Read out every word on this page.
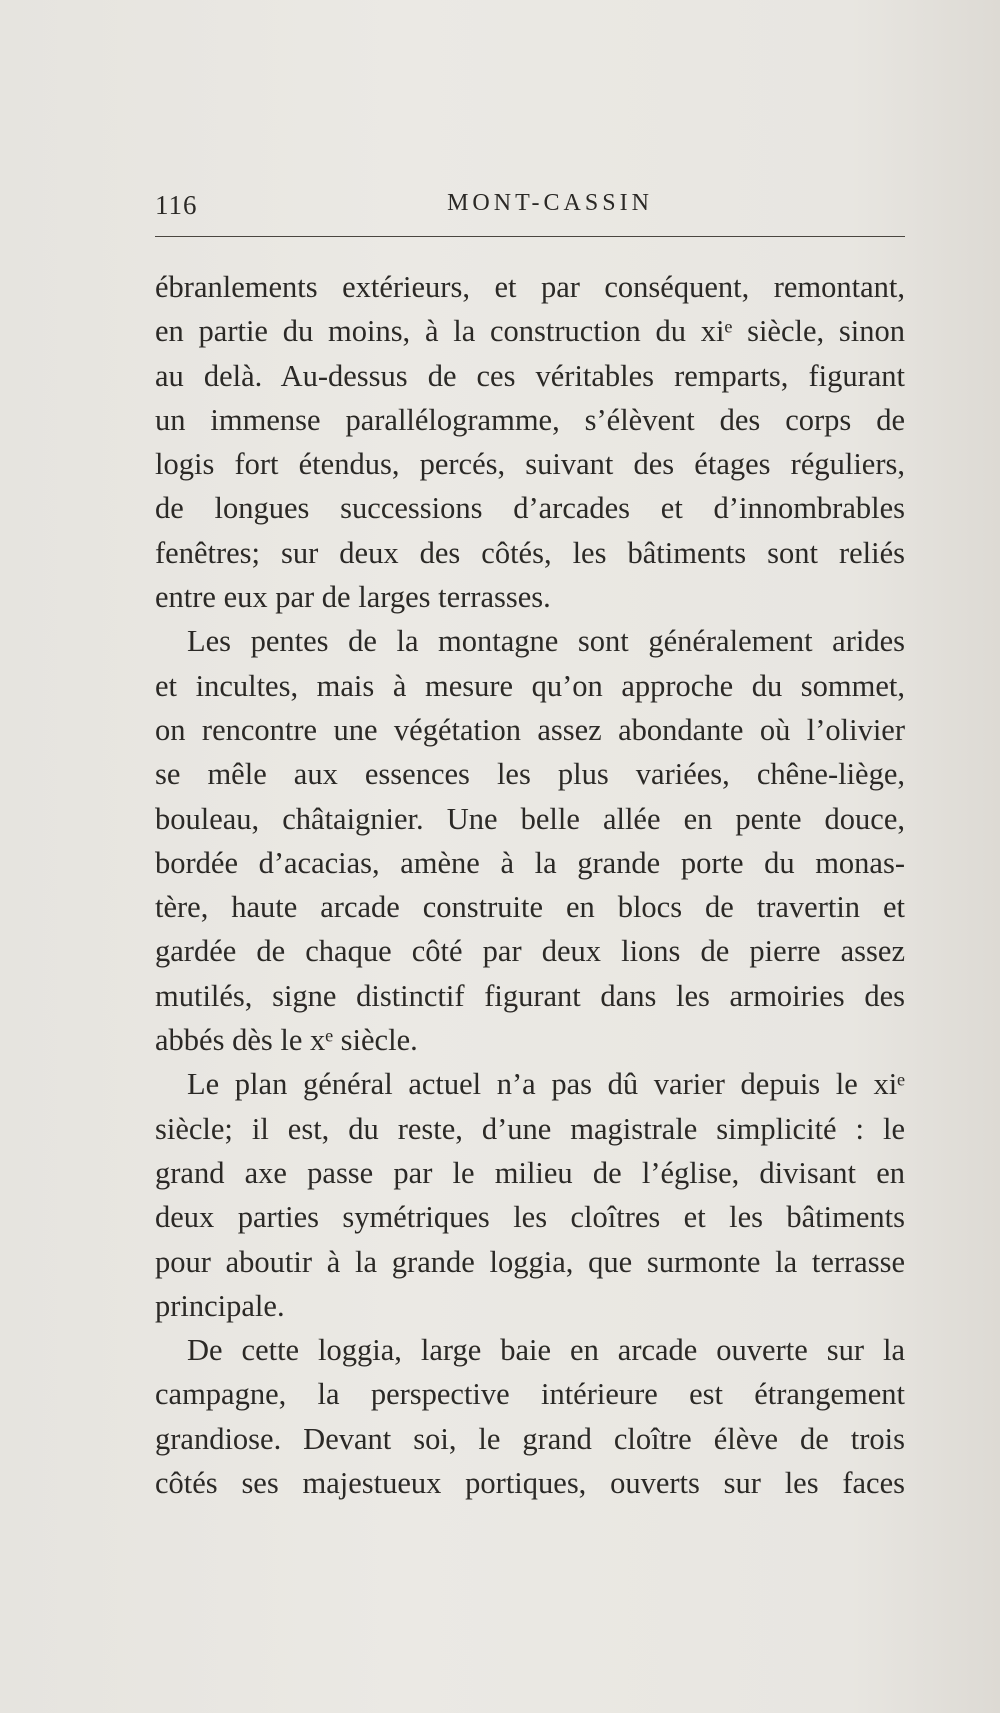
116	MONT-CASSIN
ébranlements extérieurs, et par conséquent, remontant,
en partie du moins, à la construction du xiᵉ siècle, sinon
au delà. Au-dessus de ces véritables remparts, figurant
un immense parallélogramme, s’élèvent des corps de
logis fort étendus, percés, suivant des étages réguliers,
de longues successions d’arcades et d’innombrables
fenêtres; sur deux des côtés, les bâtiments sont reliés
entre eux par de larges terrasses.
Les pentes de la montagne sont généralement arides
et incultes, mais à mesure qu’on approche du sommet,
on rencontre une végétation assez abondante où l’olivier
se mêle aux essences les plus variées, chêne-liège,
bouleau, châtaignier. Une belle allée en pente douce,
bordée d’acacias, amène à la grande porte du monas-
tère, haute arcade construite en blocs de travertin et
gardée de chaque côté par deux lions de pierre assez
mutilés, signe distinctif figurant dans les armoiries des
abbés dès le xᵉ siècle.
Le plan général actuel n’a pas dû varier depuis le xiᵉ
siècle; il est, du reste, d’une magistrale simplicité : le
grand axe passe par le milieu de l’église, divisant en
deux parties symétriques les cloîtres et les bâtiments
pour aboutir à la grande loggia, que surmonte la terrasse
principale.
De cette loggia, large baie en arcade ouverte sur la
campagne, la perspective intérieure est étrangement
grandiose. Devant soi, le grand cloître élève de trois
côtés ses majestueux portiques, ouverts sur les faces
